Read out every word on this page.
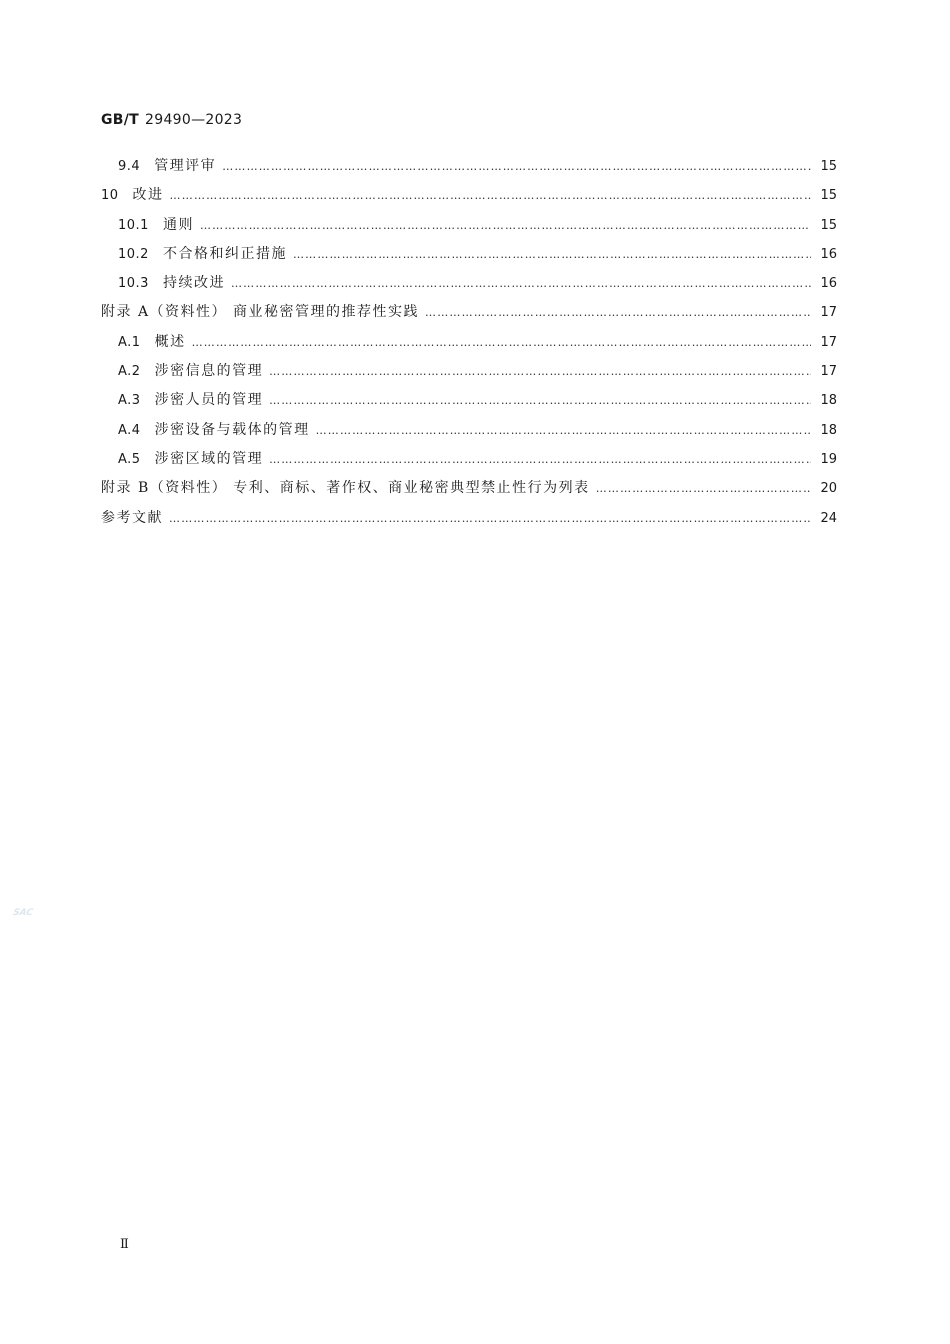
GB/T 29490—2023
9.4 管理评审 ……………………………………………………………………………………………………………………………………………………………………………………………………………………	15
10 改进 ……………………………………………………………………………………………………………………………………………………………………………………………………………………	15
10.1 通则 ……………………………………………………………………………………………………………………………………………………………………………………………………………………	15
10.2 不合格和纠正措施 ……………………………………………………………………………………………………………………………………………………………………………………………………………………	16
10.3 持续改进 ……………………………………………………………………………………………………………………………………………………………………………………………………………………	16
附录 A（资料性） 商业秘密管理的推荐性实践 ……………………………………………………………………………………………………………………………………………………………………………………………………………………	17
A.1 概述 ……………………………………………………………………………………………………………………………………………………………………………………………………………………	17
A.2 涉密信息的管理 ……………………………………………………………………………………………………………………………………………………………………………………………………………………	17
A.3 涉密人员的管理 ……………………………………………………………………………………………………………………………………………………………………………………………………………………	18
A.4 涉密设备与载体的管理 ……………………………………………………………………………………………………………………………………………………………………………………………………………………	18
A.5 涉密区域的管理 ……………………………………………………………………………………………………………………………………………………………………………………………………………………	19
附录 B（资料性） 专利、商标、著作权、商业秘密典型禁止性行为列表 ……………………………………………………………………………………………………………………………………………………………………………………………………………………	20
参考文献 ……………………………………………………………………………………………………………………………………………………………………………………………………………………	24
SAC
Ⅱ
